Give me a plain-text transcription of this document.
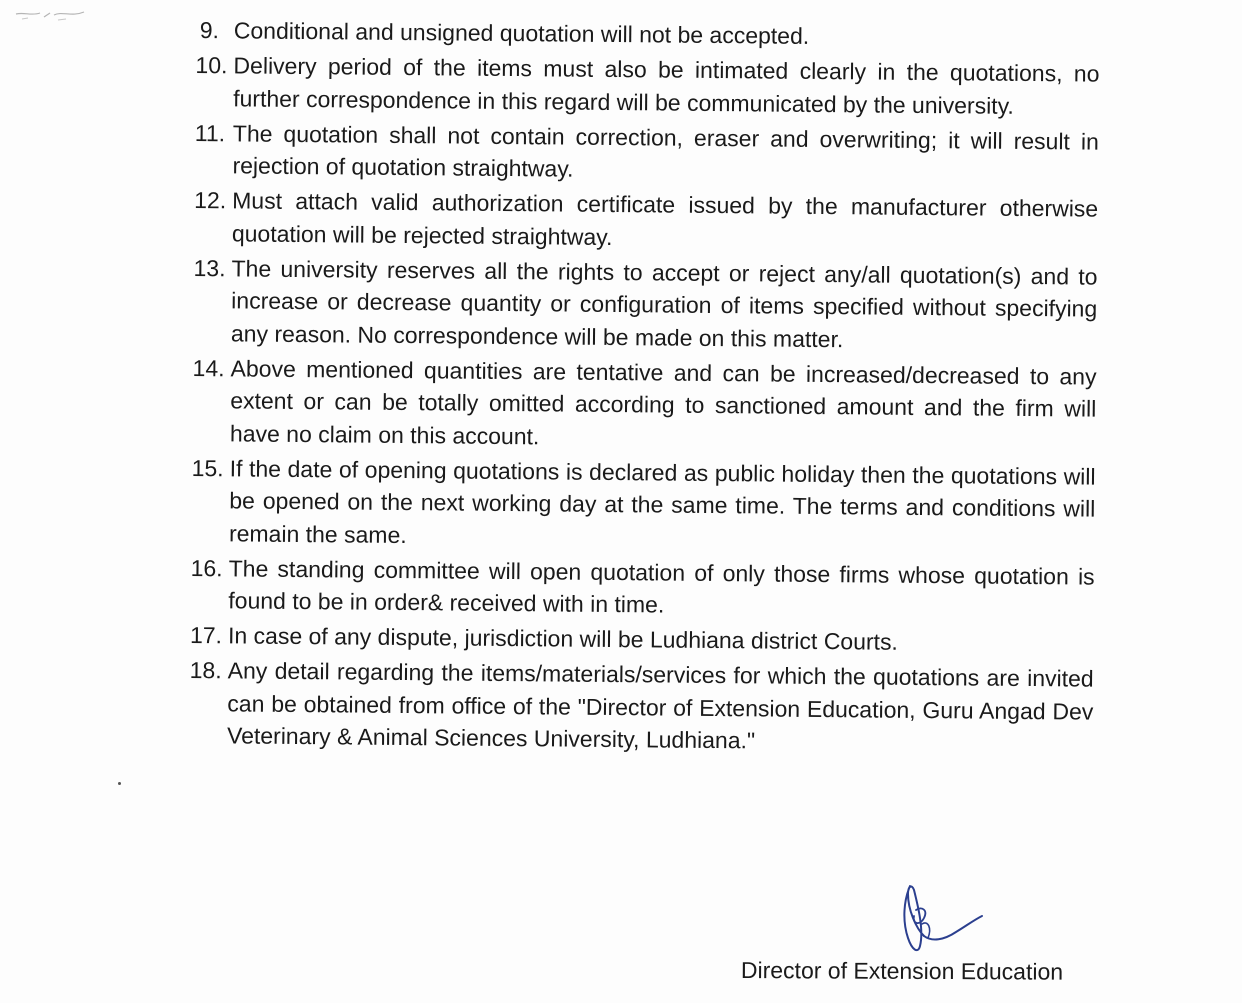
9. Conditional and unsigned quotation will not be accepted.
10. Delivery period of the items must also be intimated clearly in the quotations, no further correspondence in this regard will be communicated by the university.
11. The quotation shall not contain correction, eraser and overwriting; it will result in rejection of quotation straightway.
12. Must attach valid authorization certificate issued by the manufacturer otherwise quotation will be rejected straightway.
13. The university reserves all the rights to accept or reject any/all quotation(s) and to increase or decrease quantity or configuration of items specified without specifying any reason. No correspondence will be made on this matter.
14. Above mentioned quantities are tentative and can be increased/decreased to any extent or can be totally omitted according to sanctioned amount and the firm will have no claim on this account.
15. If the date of opening quotations is declared as public holiday then the quotations will be opened on the next working day at the same time. The terms and conditions will remain the same.
16. The standing committee will open quotation of only those firms whose quotation is found to be in order& received with in time.
17. In case of any dispute, jurisdiction will be Ludhiana district Courts.
18. Any detail regarding the items/materials/services for which the quotations are invited can be obtained from office of the "Director of Extension Education, Guru Angad Dev Veterinary & Animal Sciences University, Ludhiana."
Director of Extension Education
